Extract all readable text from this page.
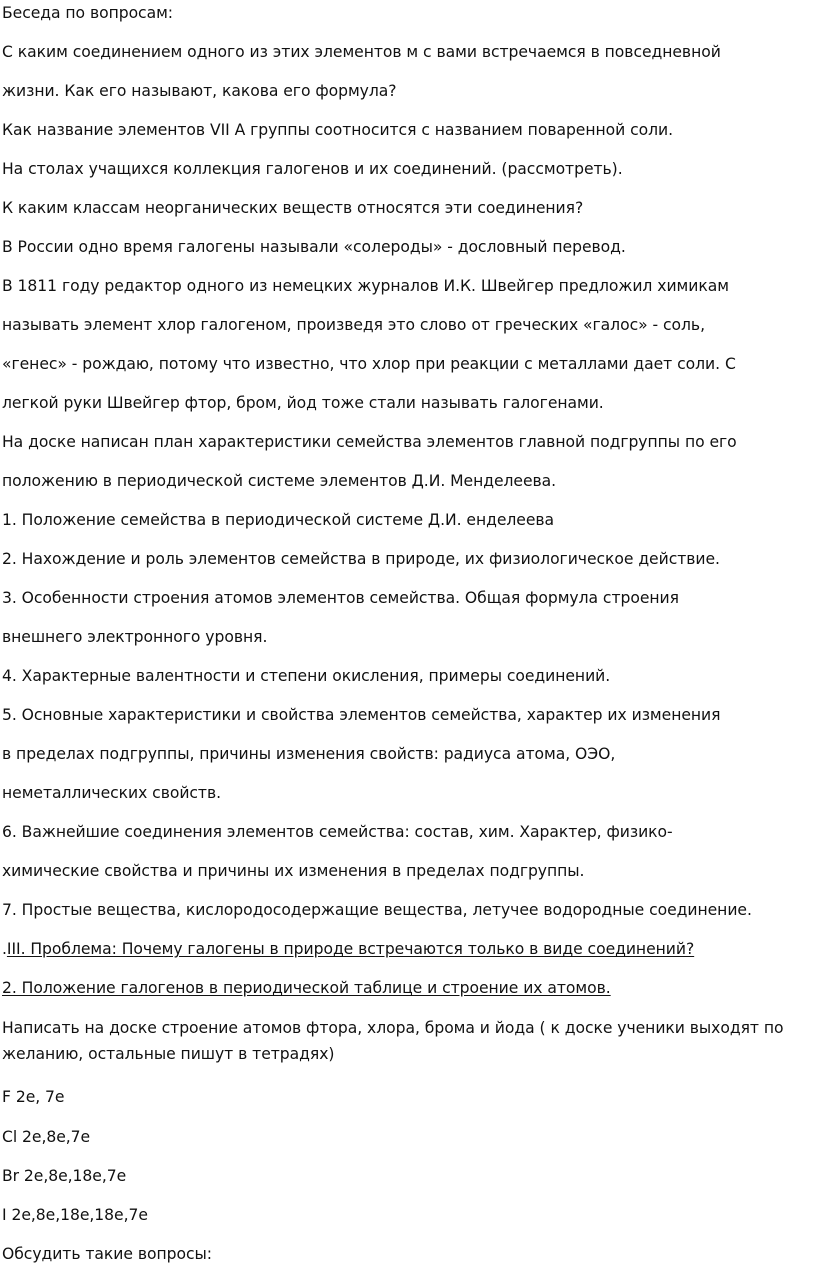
Беседа по вопросам:
С каким соединением одного из этих элементов м с вами встречаемся в повседневной
жизни. Как его называют, какова его формула?
Как название элементов VII А группы соотносится с названием поваренной соли.
На столах учащихся коллекция галогенов и их соединений. (рассмотреть).
К каким классам неорганических веществ относятся эти соединения?
В России одно время галогены называли «солероды» - дословный перевод.
В 1811 году редактор одного из немецких журналов И.К. Швейгер предложил химикам
называть элемент хлор галогеном, произведя это слово от греческих «галос» - соль,
«генес» - рождаю, потому что известно, что хлор при реакции с металлами дает соли. С
легкой руки Швейгер фтор, бром, йод тоже стали называть галогенами.
На доске написан план характеристики семейства элементов главной подгруппы по его
положению в периодической системе элементов Д.И. Менделеева.
1. Положение семейства в периодической системе Д.И. енделеева
2. Нахождение и роль элементов семейства в природе, их физиологическое действие.
3. Особенности строения атомов элементов семейства. Общая формула строения
внешнего электронного уровня.
4. Характерные валентности и степени окисления, примеры соединений.
5. Основные характеристики и свойства элементов семейства, характер их изменения
в пределах подгруппы, причины изменения свойств: радиуса атома, ОЭО,
неметаллических свойств.
6. Важнейшие соединения элементов семейства: состав, хим. Характер, физико-
химические свойства и причины их изменения в пределах подгруппы.
7. Простые вещества, кислородосодержащие вещества, летучее водородные соединение.
.III. Проблема: Почему галогены в природе встречаются только в виде соединений?
2. Положение галогенов в периодической таблице и строение их атомов.
Написать на доске строение атомов фтора, хлора, брома и йода ( к доске ученики выходят по
желанию, остальные пишут в тетрадях)
F 2е, 7е
Cl 2е,8е,7е
Br 2е,8е,18е,7е
I 2е,8е,18е,18е,7е
Обсудить такие вопросы:
